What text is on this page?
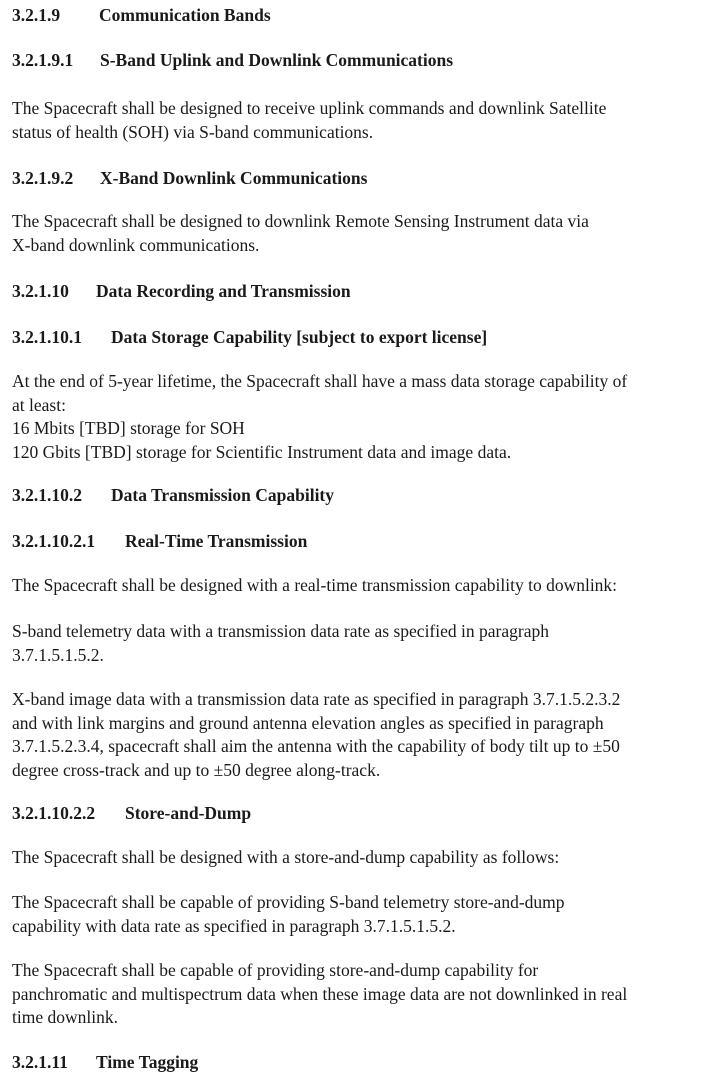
3.2.1.9 Communication Bands
3.2.1.9.1 S-Band Uplink and Downlink Communications
The Spacecraft shall be designed to receive uplink commands and downlink Satellite
status of health (SOH) via S-band communications.
3.2.1.9.2 X-Band Downlink Communications
The Spacecraft shall be designed to downlink Remote Sensing Instrument data via
X-band downlink communications.
3.2.1.10 Data Recording and Transmission
3.2.1.10.1 Data Storage Capability [subject to export license]
At the end of 5-year lifetime, the Spacecraft shall have a mass data storage capability of
at least:
16 Mbits [TBD] storage for SOH
120 Gbits [TBD] storage for Scientific Instrument data and image data.
3.2.1.10.2 Data Transmission Capability
3.2.1.10.2.1 Real-Time Transmission
The Spacecraft shall be designed with a real-time transmission capability to downlink:
S-band telemetry data with a transmission data rate as specified in paragraph
3.7.1.5.1.5.2.
X-band image data with a transmission data rate as specified in paragraph 3.7.1.5.2.3.2
and with link margins and ground antenna elevation angles as specified in paragraph
3.7.1.5.2.3.4, spacecraft shall aim the antenna with the capability of body tilt up to ±50
degree cross-track and up to ±50 degree along-track.
3.2.1.10.2.2 Store-and-Dump
The Spacecraft shall be designed with a store-and-dump capability as follows:
The Spacecraft shall be capable of providing S-band telemetry store-and-dump
capability with data rate as specified in paragraph 3.7.1.5.1.5.2.
The Spacecraft shall be capable of providing store-and-dump capability for
panchromatic and multispectrum data when these image data are not downlinked in real
time downlink.
3.2.1.11 Time Tagging
